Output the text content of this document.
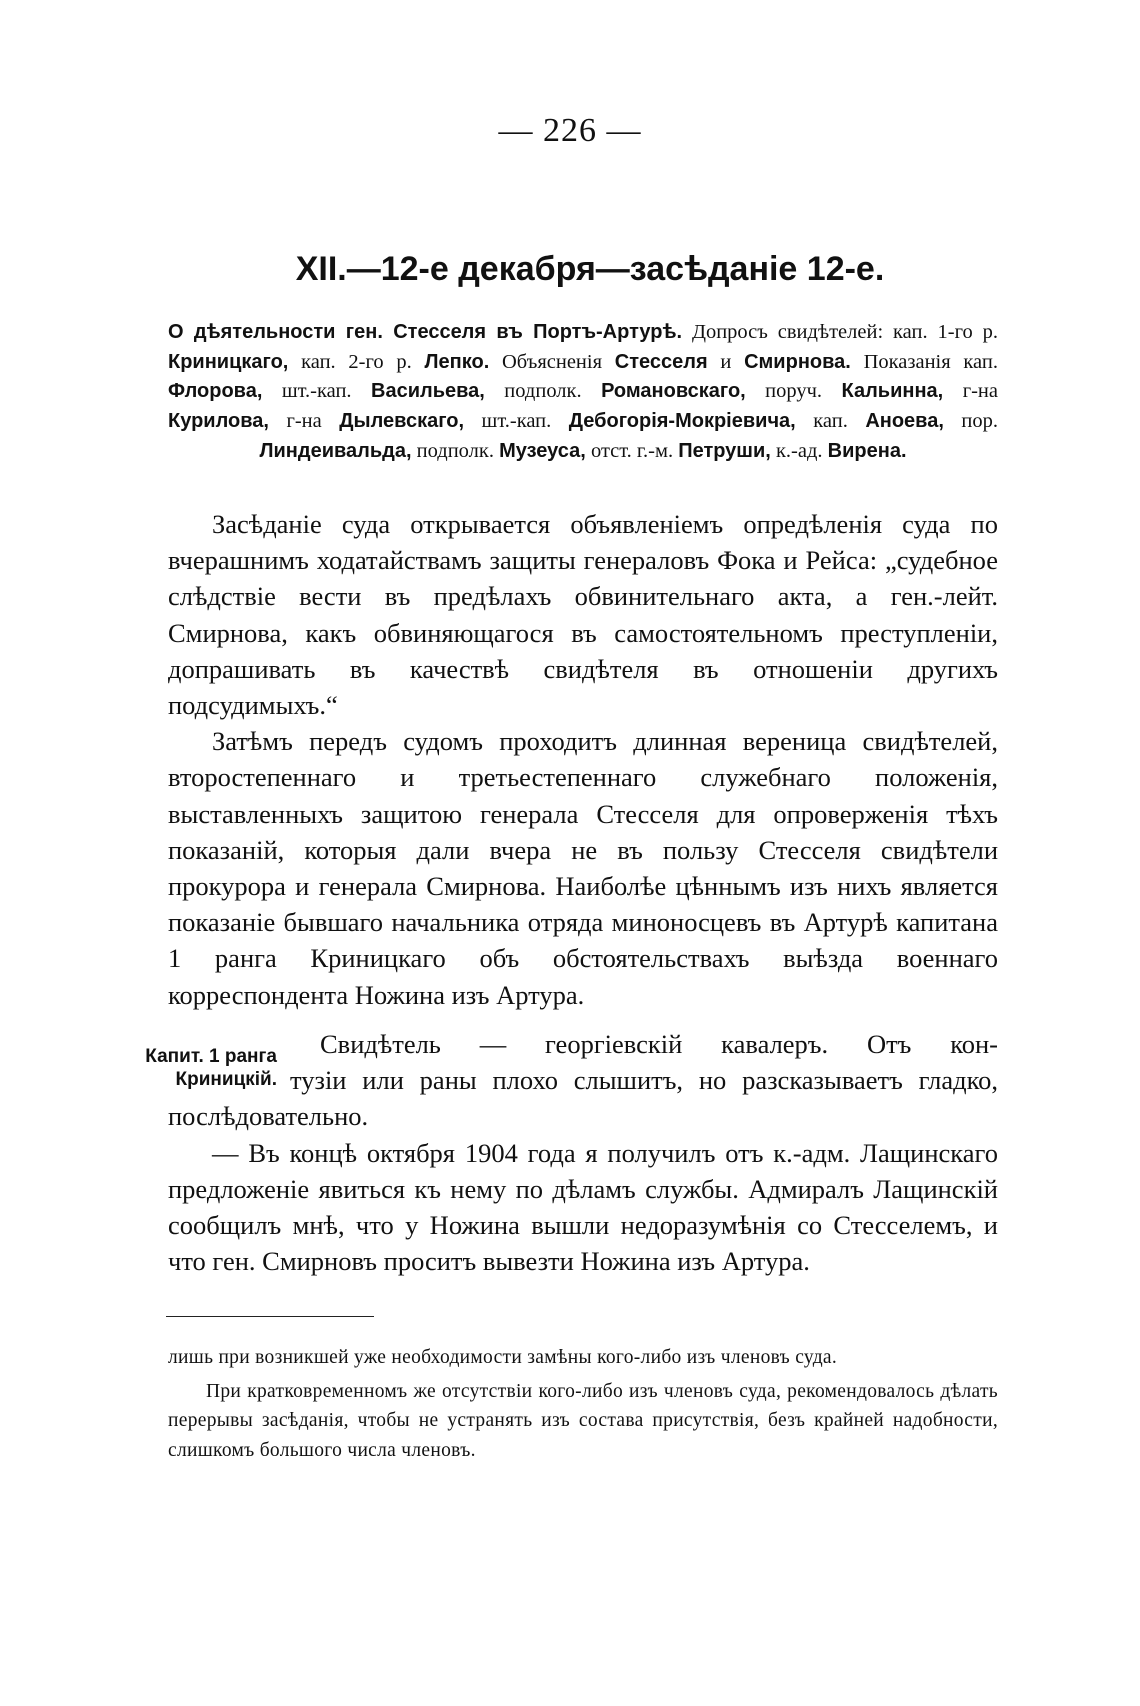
— 226 —
XII.—12-е декабря—засѣданіе 12-е.
О дѣятельности ген. Стесселя въ Портъ-Артурѣ. Допросъ свидѣтелей: кап. 1-го р. Криницкаго, кап. 2-го р. Лепко. Объясненія Стесселя и Смирнова. Показанія кап. Флорова, шт.-кап. Васильева, подполк. Романовскаго, поруч. Кальинна, г-на Курилова, г-на Дылевскаго, шт.-кап. Дебогорія-Мокріевича, кап. Аноева, пор. Линдеивальда, подполк. Музеуса, отст. г.-м. Петруши, к.-ад. Вирена.

Засѣданіе суда открывается объявленіемъ опредѣленія суда по вчерашнимъ ходатайствамъ защиты генераловъ Фока и Рейса: „судебное слѣдствіе вести въ предѣлахъ обвинительнаго акта, а ген.-лейт. Смирнова, какъ обвиняющагося въ самостоятельномъ преступленіи, допрашивать въ качествѣ свидѣтеля въ отношеніи другихъ подсудимыхъ.“

Затѣмъ передъ судомъ проходитъ длинная вереница свидѣтелей, второстепеннаго и третьестепеннаго служебнаго положенія, выставленныхъ защитою генерала Стесселя для опроверженія тѣхъ показаній, которыя дали вчера не въ пользу Стесселя свидѣтели прокурора и генерала Смирнова. Наиболѣе цѣннымъ изъ нихъ является показаніе бывшаго начальника отряда миноносцевъ въ Артурѣ капитана 1 ранга Криницкаго объ обстоятельствахъ выѣзда военнаго корреспондента Ножина изъ Артура.

Капит. 1 ранга
Криницкій.
Свидѣтель — георгіевскій кавалеръ. Отъ кон-

тузіи или раны плохо слышитъ, но разсказываетъ гладко, послѣдовательно.

— Въ концѣ октября 1904 года я получилъ отъ к.-адм. Лащинскаго предложеніе явиться къ нему по дѣламъ службы. Адмиралъ Лащинскій сообщилъ мнѣ, что у Ножина вышли недоразумѣнія со Стесселемъ, и что ген. Смирновъ проситъ вывезти Ножина изъ Артура.

лишь при возникшей уже необходимости замѣны кого-либо изъ членовъ суда.

При кратковременномъ же отсутствіи кого-либо изъ членовъ суда, рекомендовалось дѣлать перерывы засѣданія, чтобы не устранять изъ состава присутствія, безъ крайней надобности, слишкомъ большого числа членовъ.
